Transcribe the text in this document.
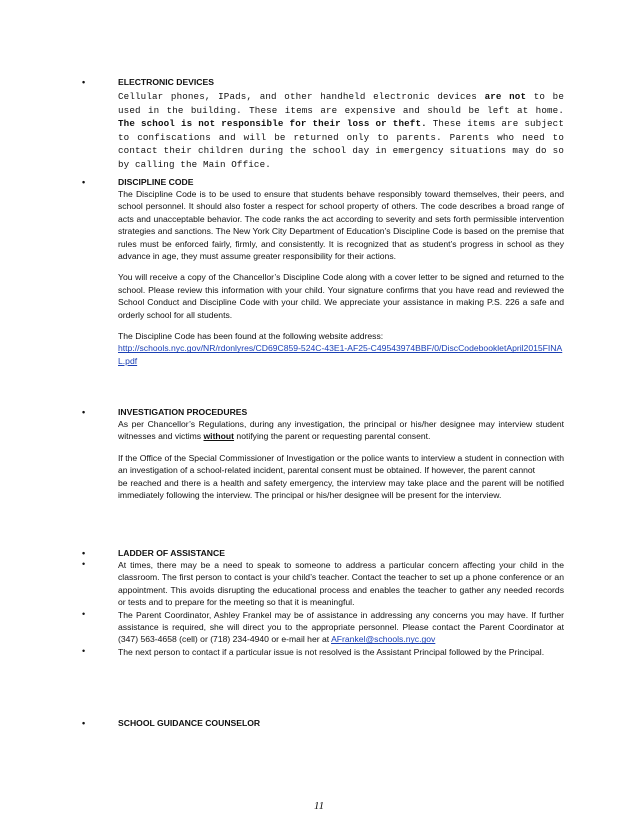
•	ELECTRONIC DEVICES

Cellular phones, IPads, and other handheld electronic devices are not to be used in the building. These items are expensive and should be left at home. The school is not responsible for their loss or theft. These items are subject to confiscations and will be returned only to parents. Parents who need to contact their children during the school day in emergency situations may do so by calling the Main Office.

•	DISCIPLINE CODE

The Discipline Code is to be used to ensure that students behave responsibly toward themselves, their peers, and school personnel. It should also foster a respect for school property of others. The code describes a broad range of acts and unacceptable behavior. The code ranks the act according to severity and sets forth permissible intervention strategies and sanctions. The New York City Department of Education’s Discipline Code is based on the premise that rules must be enforced fairly, firmly, and consistently. It is recognized that as student’s progress in school as they advance in age, they must assume greater responsibility for their actions.

You will receive a copy of the Chancellor’s Discipline Code along with a cover letter to be signed and returned to the school. Please review this information with your child. Your signature confirms that you have read and reviewed the School Conduct and Discipline Code with your child. We appreciate your assistance in making P.S. 226 a safe and orderly school for all students.

The Discipline Code has been found at the following website address:

http://schools.nyc.gov/NR/rdonlyres/CD69C859-524C-43E1-AF25-C49543974BBF/0/DiscCodebookletApril2015FINAL.pdf

•	INVESTIGATION PROCEDURES

As per Chancellor’s Regulations, during any investigation, the principal or his/her designee may interview student witnesses and victims without notifying the parent or requesting parental consent.

If the Office of the Special Commissioner of Investigation or the police wants to interview a student in connection with an investigation of a school-related incident, parental consent must be obtained. If however, the parent cannot

be reached and there is a health and safety emergency, the interview may take place and the parent will be notified immediately following the interview. The principal or his/her designee will be present for the interview.

•	LADDER OF ASSISTANCE
•	At times, there may be a need to speak to someone to address a particular concern affecting your child in the classroom. The first person to contact is your child’s teacher. Contact the teacher to set up a phone conference or an appointment. This avoids disrupting the educational process and enables the teacher to gather any needed records or tests and to prepare for the meeting so that it is meaningful.

•	The Parent Coordinator, Ashley Frankel may be of assistance in addressing any concerns you may have. If further assistance is required, she will direct you to the appropriate personnel. Please contact the Parent Coordinator at (347) 563-4658 (cell) or (718) 234-4940 or e-mail her at AFrankel@schools.nyc.gov

•	The next person to contact if a particular issue is not resolved is the Assistant Principal followed by the Principal.

•	SCHOOL GUIDANCE COUNSELOR
11
